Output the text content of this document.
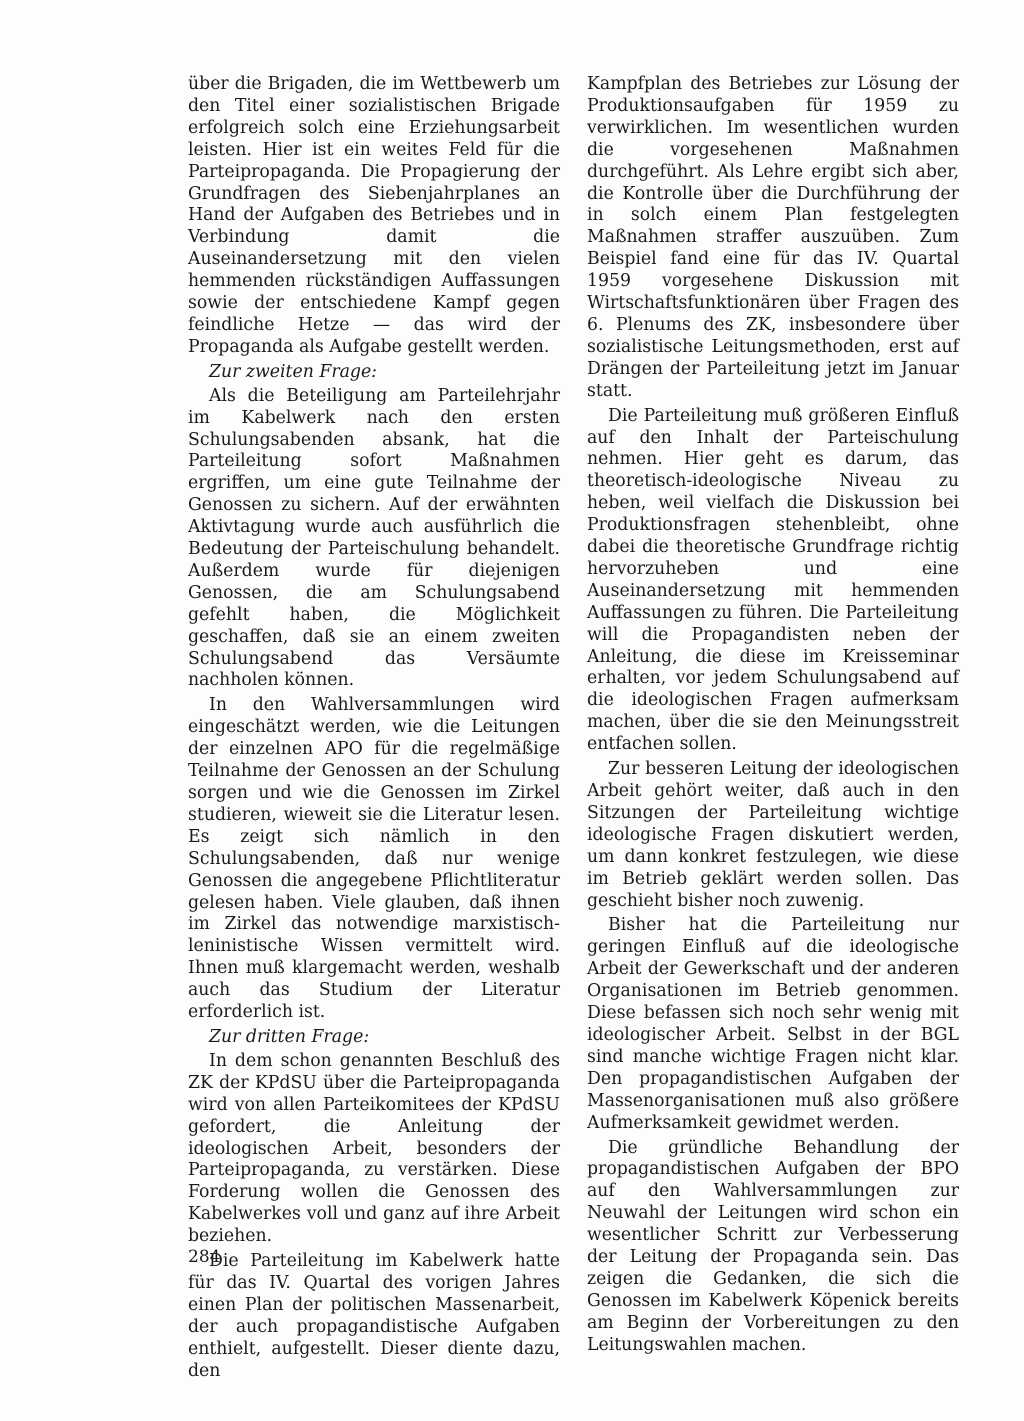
über die Brigaden, die im Wettbewerb um den Titel einer sozialistischen Brigade erfolgreich solch eine Erziehungsarbeit leisten. Hier ist ein weites Feld für die Parteipropaganda. Die Propagierung der Grundfragen des Siebenjahrplanes an Hand der Aufgaben des Betriebes und in Verbindung damit die Auseinandersetzung mit den vielen hemmenden rückständigen Auffassungen sowie der entschiedene Kampf gegen feindliche Hetze — das wird der Propaganda als Aufgabe gestellt werden.

Zur zweiten Frage:

Als die Beteiligung am Parteilehrjahr im Kabelwerk nach den ersten Schulungsabenden absank, hat die Parteileitung sofort Maßnahmen ergriffen, um eine gute Teilnahme der Genossen zu sichern. Auf der erwähnten Aktivtagung wurde auch ausführlich die Bedeutung der Parteischulung behandelt. Außerdem wurde für diejenigen Genossen, die am Schulungsabend gefehlt haben, die Möglichkeit geschaffen, daß sie an einem zweiten Schulungsabend das Versäumte nachholen können.

In den Wahlversammlungen wird eingeschätzt werden, wie die Leitungen der einzelnen APO für die regelmäßige Teilnahme der Genossen an der Schulung sorgen und wie die Genossen im Zirkel studieren, wieweit sie die Literatur lesen. Es zeigt sich nämlich in den Schulungsabenden, daß nur wenige Genossen die angegebene Pflichtliteratur gelesen haben. Viele glauben, daß ihnen im Zirkel das notwendige marxistisch-leninistische Wissen vermittelt wird. Ihnen muß klargemacht werden, weshalb auch das Studium der Literatur erforderlich ist.

Zur dritten Frage:

In dem schon genannten Beschluß des ZK der KPdSU über die Parteipropaganda wird von allen Parteikomitees der KPdSU gefordert, die Anleitung der ideologischen Arbeit, besonders der Parteipropaganda, zu verstärken. Diese Forderung wollen die Genossen des Kabelwerkes voll und ganz auf ihre Arbeit beziehen.

Die Parteileitung im Kabelwerk hatte für das IV. Quartal des vorigen Jahres einen Plan der politischen Massenarbeit, der auch propagandistische Aufgaben enthielt, aufgestellt. Dieser diente dazu, den

Kampfplan des Betriebes zur Lösung der Produktionsaufgaben für 1959 zu verwirklichen. Im wesentlichen wurden die vorgesehenen Maßnahmen durchgeführt. Als Lehre ergibt sich aber, die Kontrolle über die Durchführung der in solch einem Plan festgelegten Maßnahmen straffer auszuüben. Zum Beispiel fand eine für das IV. Quartal 1959 vorgesehene Diskussion mit Wirtschaftsfunktionären über Fragen des 6. Plenums des ZK, insbesondere über sozialistische Leitungsmethoden, erst auf Drängen der Parteileitung jetzt im Januar statt.

Die Parteileitung muß größeren Einfluß auf den Inhalt der Parteischulung nehmen. Hier geht es darum, das theoretisch-ideologische Niveau zu heben, weil vielfach die Diskussion bei Produktionsfragen stehenbleibt, ohne dabei die theoretische Grundfrage richtig hervorzuheben und eine Auseinandersetzung mit hemmenden Auffassungen zu führen. Die Parteileitung will die Propagandisten neben der Anleitung, die diese im Kreisseminar erhalten, vor jedem Schulungsabend auf die ideologischen Fragen aufmerksam machen, über die sie den Meinungsstreit entfachen sollen.

Zur besseren Leitung der ideologischen Arbeit gehört weiter, daß auch in den Sitzungen der Parteileitung wichtige ideologische Fragen diskutiert werden, um dann konkret festzulegen, wie diese im Betrieb geklärt werden sollen. Das geschieht bisher noch zuwenig.

Bisher hat die Parteileitung nur geringen Einfluß auf die ideologische Arbeit der Gewerkschaft und der anderen Organisationen im Betrieb genommen. Diese befassen sich noch sehr wenig mit ideologischer Arbeit. Selbst in der BGL sind manche wichtige Fragen nicht klar. Den propagandistischen Aufgaben der Massenorganisationen muß also größere Aufmerksamkeit gewidmet werden.

Die gründliche Behandlung der propagandistischen Aufgaben der BPO auf den Wahlversammlungen zur Neuwahl der Leitungen wird schon ein wesentlicher Schritt zur Verbesserung der Leitung der Propaganda sein. Das zeigen die Gedanken, die sich die Genossen im Kabelwerk Köpenick bereits am Beginn der Vorbereitungen zu den Leitungswahlen machen.

284
